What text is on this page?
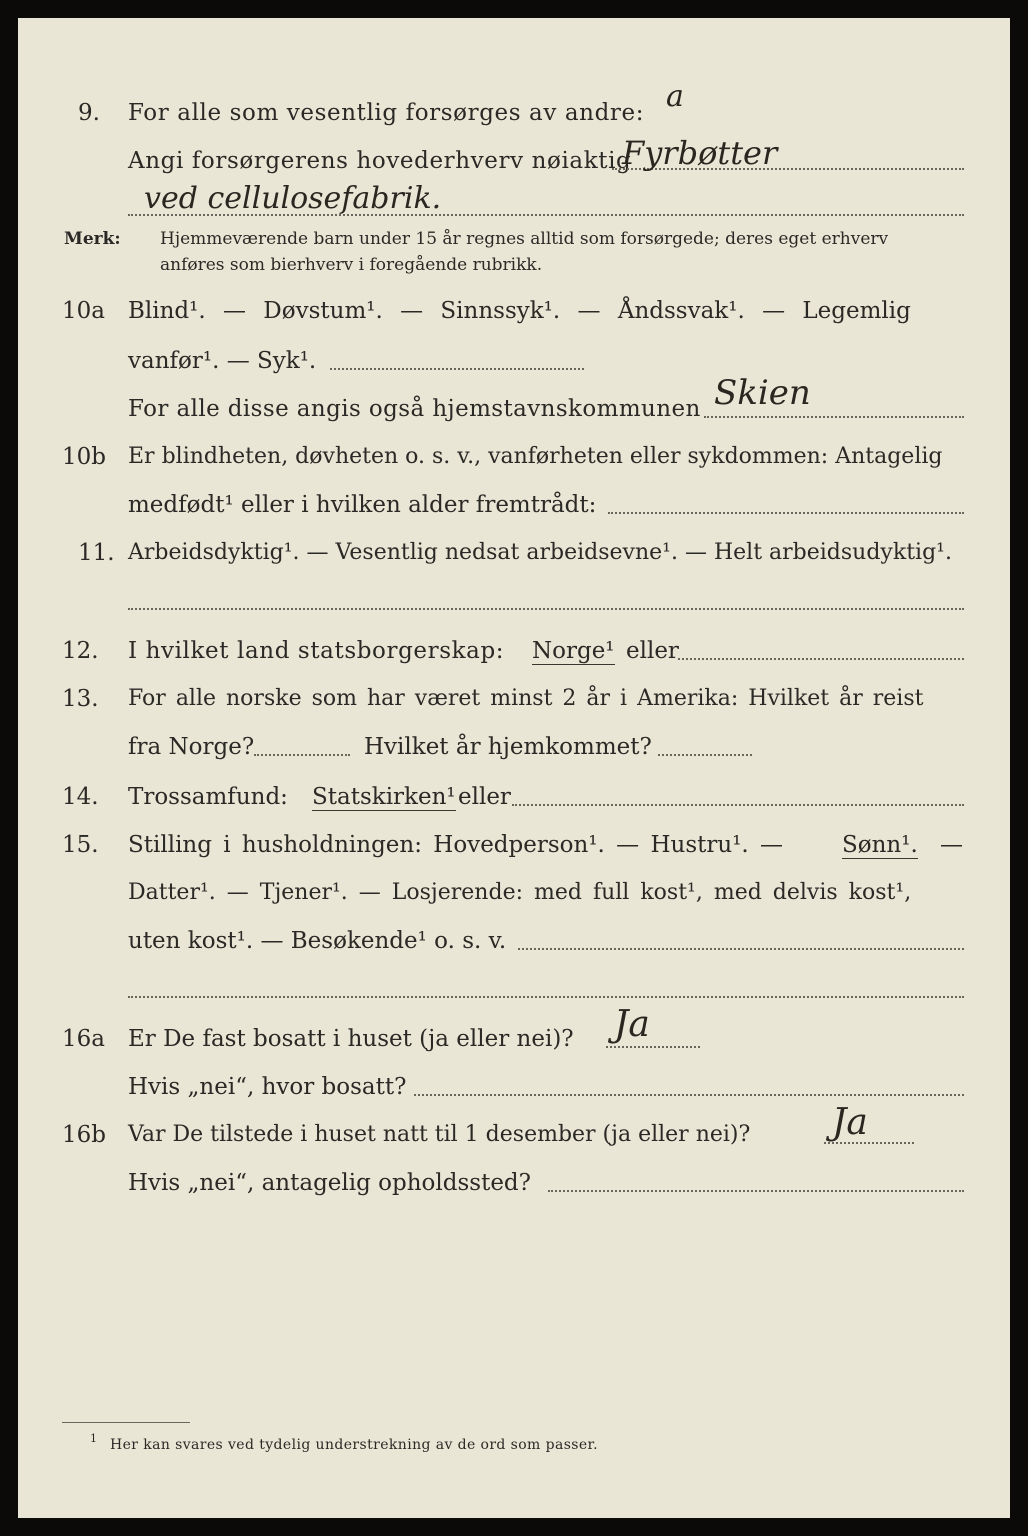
9. For alle som vesentlig forsørges av andre: a
Angi forsørgerens hovederhverv nøiaktig
Fyrbøtter
ved cellulosefabrik.
Merk: Hjemmeværende barn under 15 år regnes alltid som forsørgede; deres eget erhverv
anføres som bierhverv i foregående rubrikk.
10a Blind¹. — Døvstum¹. — Sinnssyk¹. — Åndssvak¹. — Legemlig
vanfør¹. — Syk¹.
For alle disse angis også hjemstavnskommunen Skien
10b Er blindheten, døvheten o. s. v., vanførheten eller sykdommen: Antagelig
medfødt¹ eller i hvilken alder fremtrådt:
11. Arbeidsdyktig¹. — Vesentlig nedsat arbeidsevne¹. — Helt arbeidsudyktig¹.
12. I hvilket land statsborgerskap: Norge¹ eller
13. For alle norske som har været minst 2 år i Amerika: Hvilket år reist
fra Norge?	Hvilket år hjemkommet?
14. Trossamfund: Statskirken¹ eller
15. Stilling i husholdningen: Hovedperson¹. — Hustru¹. —	Sønn¹. —
Datter¹. — Tjener¹. — Losjerende: med full kost¹, med delvis kost¹,
uten kost¹. — Besøkende¹ o. s. v.
16a Er De fast bosatt i huset (ja eller nei)? Ja
Hvis „nei“, hvor bosatt?
16b Var De tilstede i huset natt til 1 desember (ja eller nei)? Ja
Hvis „nei“, antagelig opholdssted?
1 Her kan svares ved tydelig understrekning av de ord som passer.
